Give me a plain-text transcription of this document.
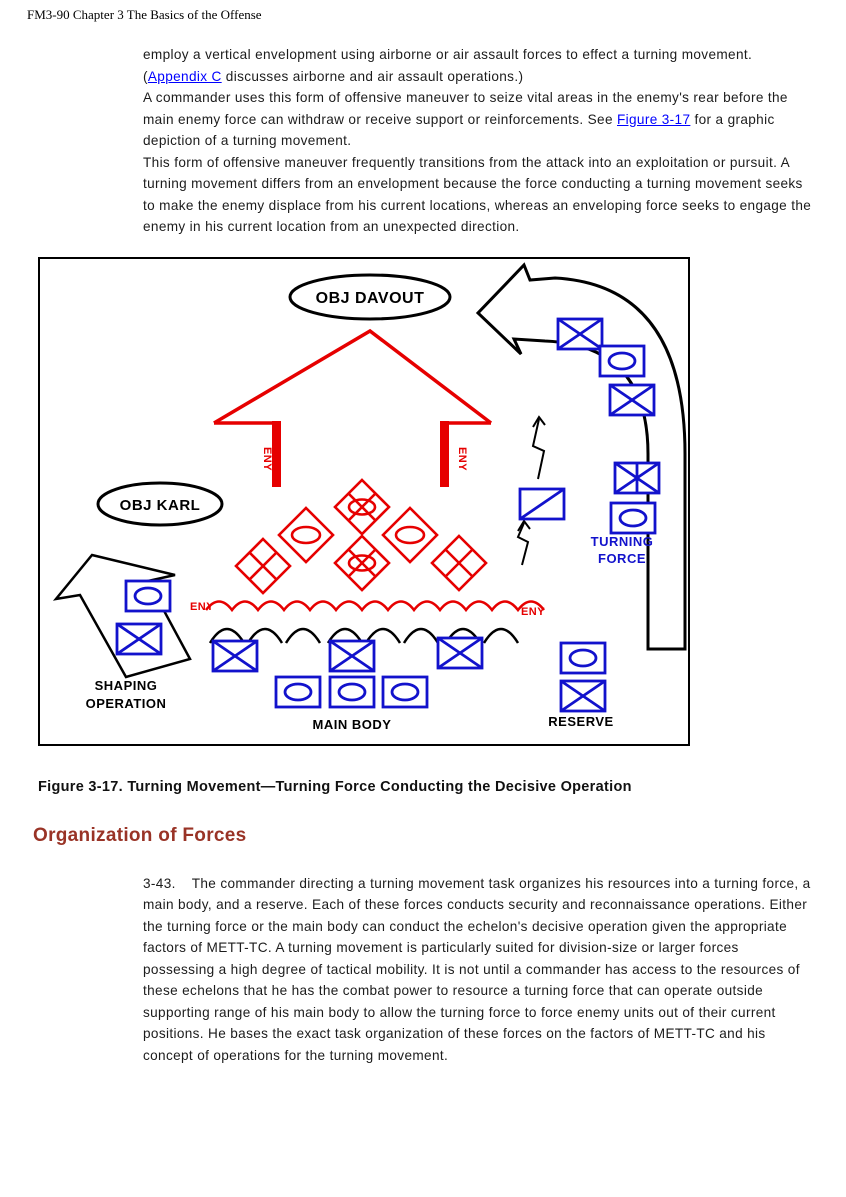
FM3-90 Chapter 3 The Basics of the Offense

employ a vertical envelopment using airborne or air assault forces to effect a turning movement. (Appendix C discusses airborne and air assault operations.)

A commander uses this form of offensive maneuver to seize vital areas in the enemy's rear before the main enemy force can withdraw or receive support or reinforcements. See Figure 3-17 for a graphic depiction of a turning movement.

This form of offensive maneuver frequently transitions from the attack into an exploitation or pursuit. A turning movement differs from an envelopment because the force conducting a turning movement seeks to make the enemy displace from his current locations, whereas an enveloping force seeks to engage the enemy in his current location from an unexpected direction.

ENY	ENY
ENY	ENY
OBJ DAVOUT
OBJ KARL
SHAPING
OPERATION
MAIN BODY	RESERVE
TURNING
FORCE
Figure 3-17. Turning Movement—Turning Force Conducting the Decisive Operation
Organization of Forces

3-43. The commander directing a turning movement task organizes his resources into a turning force, a main body, and a reserve. Each of these forces conducts security and reconnaissance operations. Either the turning force or the main body can conduct the echelon's decisive operation given the appropriate factors of METT-TC. A turning movement is particularly suited for division-size or larger forces possessing a high degree of tactical mobility. It is not until a commander has access to the resources of these echelons that he has the combat power to resource a turning force that can operate outside supporting range of his main body to allow the turning force to force enemy units out of their current positions. He bases the exact task organization of these forces on the factors of METT-TC and his concept of operations for the turning movement.
